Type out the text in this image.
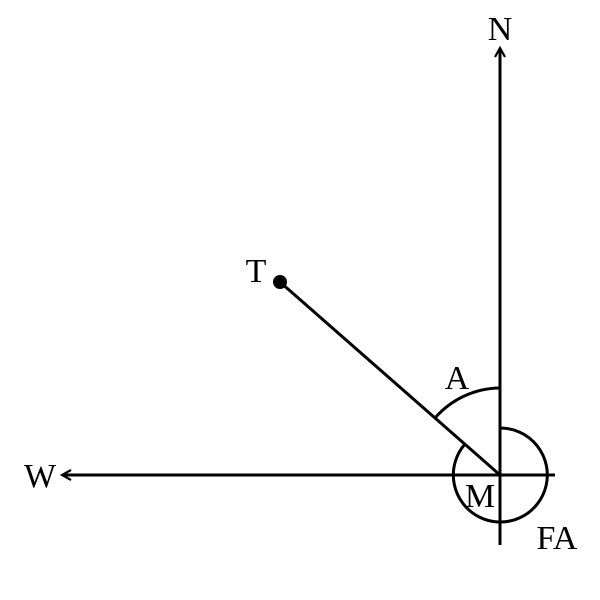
N
W
T
A
M
FA
